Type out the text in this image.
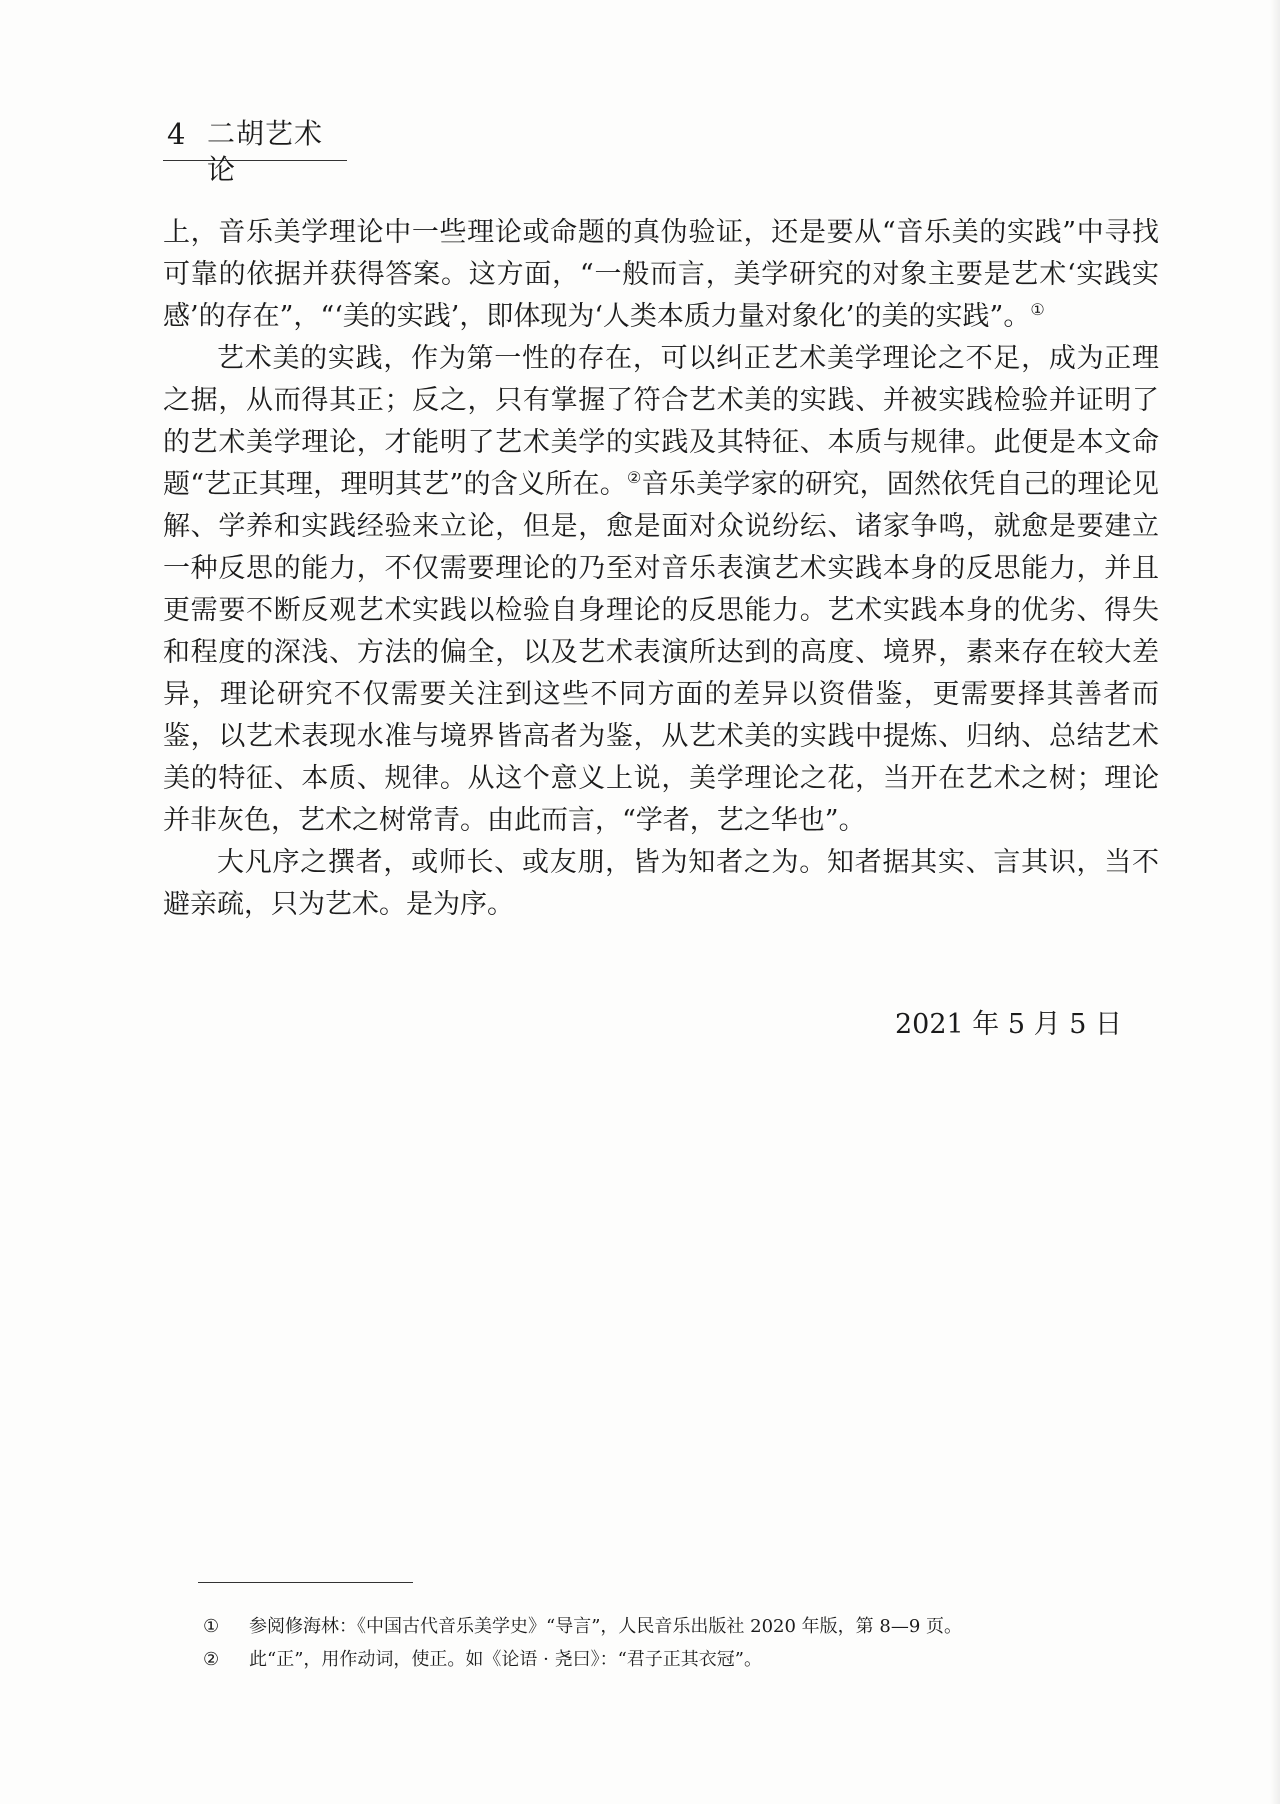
4 二胡艺术论

上，音乐美学理论中一些理论或命题的真伪验证，还是要从“音乐美的实践”中寻找可靠的依据并获得答案。这方面，“一般而言，美学研究的对象主要是艺术‘实践实感’的存在”，“‘美的实践’，即体现为‘人类本质力量对象化’的美的实践”。①

艺术美的实践，作为第一性的存在，可以纠正艺术美学理论之不足，成为正理之据，从而得其正；反之，只有掌握了符合艺术美的实践、并被实践检验并证明了的艺术美学理论，才能明了艺术美学的实践及其特征、本质与规律。此便是本文命题“艺正其理，理明其艺”的含义所在。②音乐美学家的研究，固然依凭自己的理论见解、学养和实践经验来立论，但是，愈是面对众说纷纭、诸家争鸣，就愈是要建立一种反思的能力，不仅需要理论的乃至对音乐表演艺术实践本身的反思能力，并且更需要不断反观艺术实践以检验自身理论的反思能力。艺术实践本身的优劣、得失和程度的深浅、方法的偏全，以及艺术表演所达到的高度、境界，素来存在较大差异，理论研究不仅需要关注到这些不同方面的差异以资借鉴，更需要择其善者而鉴，以艺术表现水准与境界皆高者为鉴，从艺术美的实践中提炼、归纳、总结艺术美的特征、本质、规律。从这个意义上说，美学理论之花，当开在艺术之树；理论并非灰色，艺术之树常青。由此而言，“学者，艺之华也”。

大凡序之撰者，或师长、或友朋，皆为知者之为。知者据其实、言其识，当不避亲疏，只为艺术。是为序。

2021 年 5 月 5 日
①	参阅修海林：《中国古代音乐美学史》“导言”，人民音乐出版社 2020 年版，第 8—9 页。
②	此“正”，用作动词，使正。如《论语 · 尧曰》：“君子正其衣冠”。
